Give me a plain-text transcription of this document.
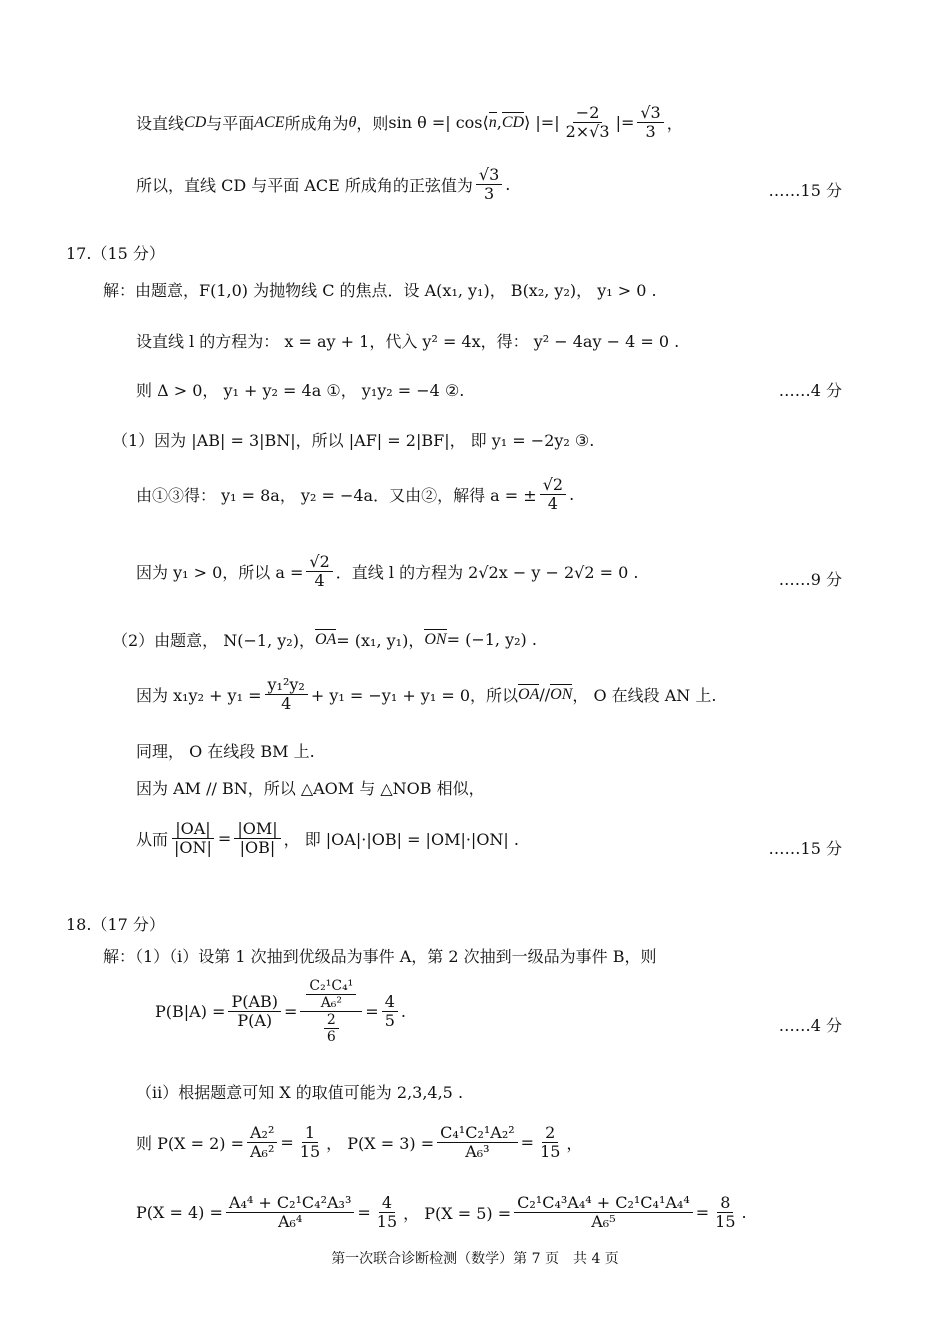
设直线 CD 与平面 ACE 所成角为 θ ，则 sin θ =| cos⟨ n , CD ⟩ |=| $\frac{-2}{2\times√3}$ |= $\frac{√3}{3}$ ，
所以，直线 CD 与平面 ACE 所成角的正弦值为 $\frac{√3}{3}$ .	……15 分
17.（15 分）
解：由题意，F(1,0) 为抛物线 C 的焦点．设 A(x₁, y₁)， B(x₂, y₂)， y₁ > 0 .
设直线 l 的方程为： x = ay + 1，代入 y² = 4x，得： y² − 4ay − 4 = 0 .
则 Δ > 0， y₁ + y₂ = 4a ①， y₁y₂ = −4 ②.	……4 分
（1）因为 |AB| = 3|BN|，所以 |AF| = 2|BF|， 即 y₁ = −2y₂ ③.
由①③得： y₁ = 8a， y₂ = −4a．又由②，解得 a = ± $\frac{√2}{4}$ .
因为 y₁ > 0，所以 $a = \frac{√2}{4}$ ．直线 l 的方程为 2√2x − y − 2√2 = 0 .	……9 分
（2）由题意， N(−1, y₂)， OA = (x₁, y₁)， ON = (−1, y₂) .
因为 $x_1y_2 + y_1 = \frac{\text{y₁²y₂}}{4} + y_1 = -y_1 + y_1 = 0$，所以 OA // ON ， O 在线段 AN 上.
同理， O 在线段 BM 上.
因为 AM // BN，所以 △AOM 与 △NOB 相似，
从而 $\frac{|OA|}{|ON|} = \frac{|OM|}{|OB|}$ ， 即 |OA|·|OB| = |OM|·|ON| .	……15 分
18.（17 分）
解：（1）（i）设第 1 次抽到优级品为事件 A，第 2 次抽到一级品为事件 B，则
$P(B|A) = \frac{P(AB)}{P(A)} = \frac{\frac{\text{C₂¹C₄¹}}{\text{A₆²}}}{\frac{2}{6}} = \frac{4}{5}$ .
……4 分
（ii）根据题意可知 X 的取值可能为 2,3,4,5 .
则 $P(X = 2) = \frac{\text{A₂²}}{\text{A₆²}} = \frac{1}{15}$ ， $P(X = 3) = \frac{\text{C₄¹C₂¹A₂²}}{\text{A₆³}} = \frac{2}{15}$ ，
$P(X = 4) = \frac{\text{A₄⁴ + C₂¹C₄²A₃³}}{\text{A₆⁴}} = \frac{4}{15}$ ， $P(X = 5) = \frac{\text{C₂¹C₄³A₄⁴ + C₂¹C₄¹A₄⁴}}{\text{A₆⁵}} = \frac{8}{15}$ .
第一次联合诊断检测（数学）第 7 页　共 4 页
